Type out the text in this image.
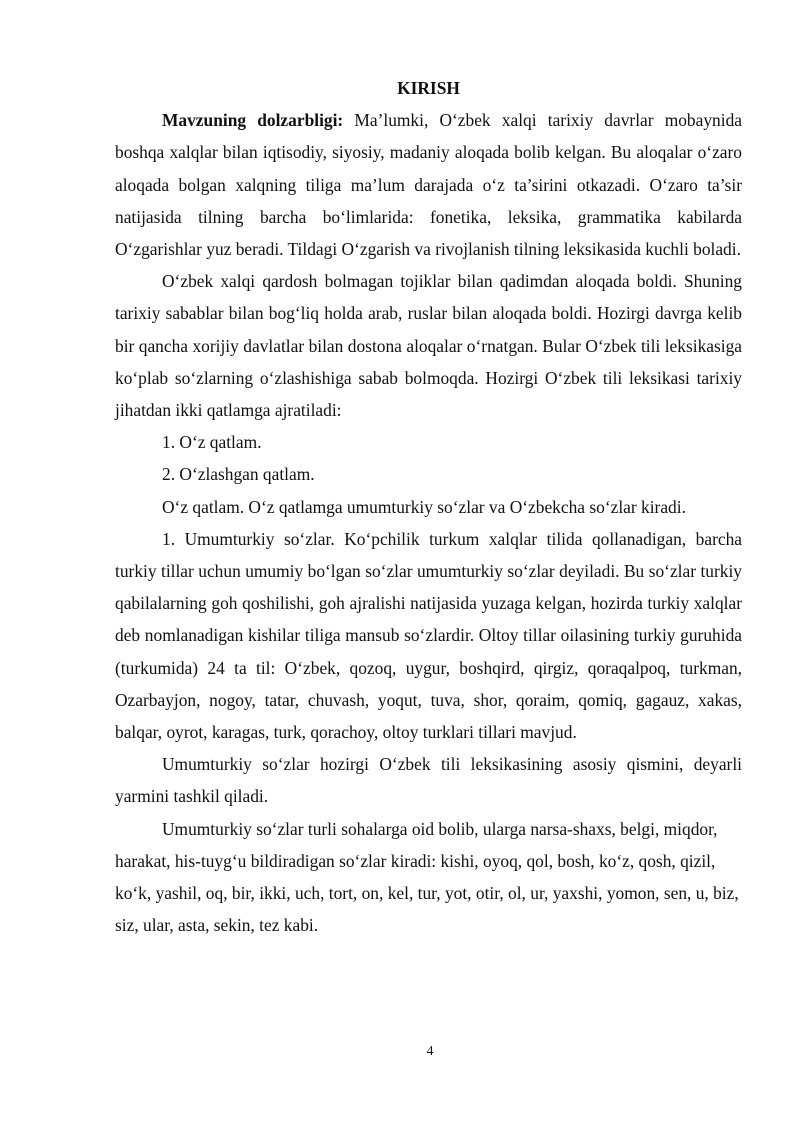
KIRISH

Mavzuning dolzarbligi: Ma’lumki, O‘zbek xalqi tarixiy davrlar mobaynida boshqa xalqlar bilan iqtisodiy, siyosiy, madaniy aloqada bolib kelgan. Bu aloqalar o‘zaro aloqada bolgan xalqning tiliga ma’lum darajada o‘z ta’sirini otkazadi. O‘zaro ta’sir natijasida tilning barcha bo‘limlarida: fonetika, leksika, grammatika kabilarda O‘zgarishlar yuz beradi. Tildagi O‘zgarish va rivojlanish tilning leksikasida kuchli boladi.

O‘zbek xalqi qardosh bolmagan tojiklar bilan qadimdan aloqada boldi. Shuning tarixiy sabablar bilan bog‘liq holda arab, ruslar bilan aloqada boldi. Hozirgi davrga kelib bir qancha xorijiy davlatlar bilan dostona aloqalar o‘rnatgan. Bular O‘zbek tili leksikasiga ko‘plab so‘zlarning o‘zlashishiga sabab bolmoqda. Hozirgi O‘zbek tili leksikasi tarixiy jihatdan ikki qatlamga ajratiladi:

1. O‘z qatlam.

2. O‘zlashgan qatlam.

O‘z qatlam. O‘z qatlamga umumturkiy so‘zlar va O‘zbekcha so‘zlar kiradi.

1. Umumturkiy so‘zlar. Ko‘pchilik turkum xalqlar tilida qollanadigan, barcha turkiy tillar uchun umumiy bo‘lgan so‘zlar umumturkiy so‘zlar deyiladi. Bu so‘zlar turkiy qabilalarning goh qoshilishi, goh ajralishi natijasida yuzaga kelgan, hozirda turkiy xalqlar deb nomlanadigan kishilar tiliga mansub so‘zlardir. Oltoy tillar oilasining turkiy guruhida (turkumida) 24 ta til: O‘zbek, qozoq, uygur, boshqird, qirgiz, qoraqalpoq, turkman, Ozarbayjon, nogoy, tatar, chuvash, yoqut, tuva, shor, qoraim, qomiq, gagauz, xakas, balqar, oyrot, karagas, turk, qorachoy, oltoy turklari tillari mavjud.

Umumturkiy so‘zlar hozirgi O‘zbek tili leksikasining asosiy qismini, deyarli yarmini tashkil qiladi.

Umumturkiy so‘zlar turli sohalarga oid bolib, ularga narsa-shaxs, belgi, miqdor, harakat, his-tuyg‘u bildiradigan so‘zlar kiradi: kishi, oyoq, qol, bosh, ko‘z, qosh, qizil, ko‘k, yashil, oq, bir, ikki, uch, tort, on, kel, tur, yot, otir, ol, ur, yaxshi, yomon, sen, u, biz, siz, ular, asta, sekin, tez kabi.

4
